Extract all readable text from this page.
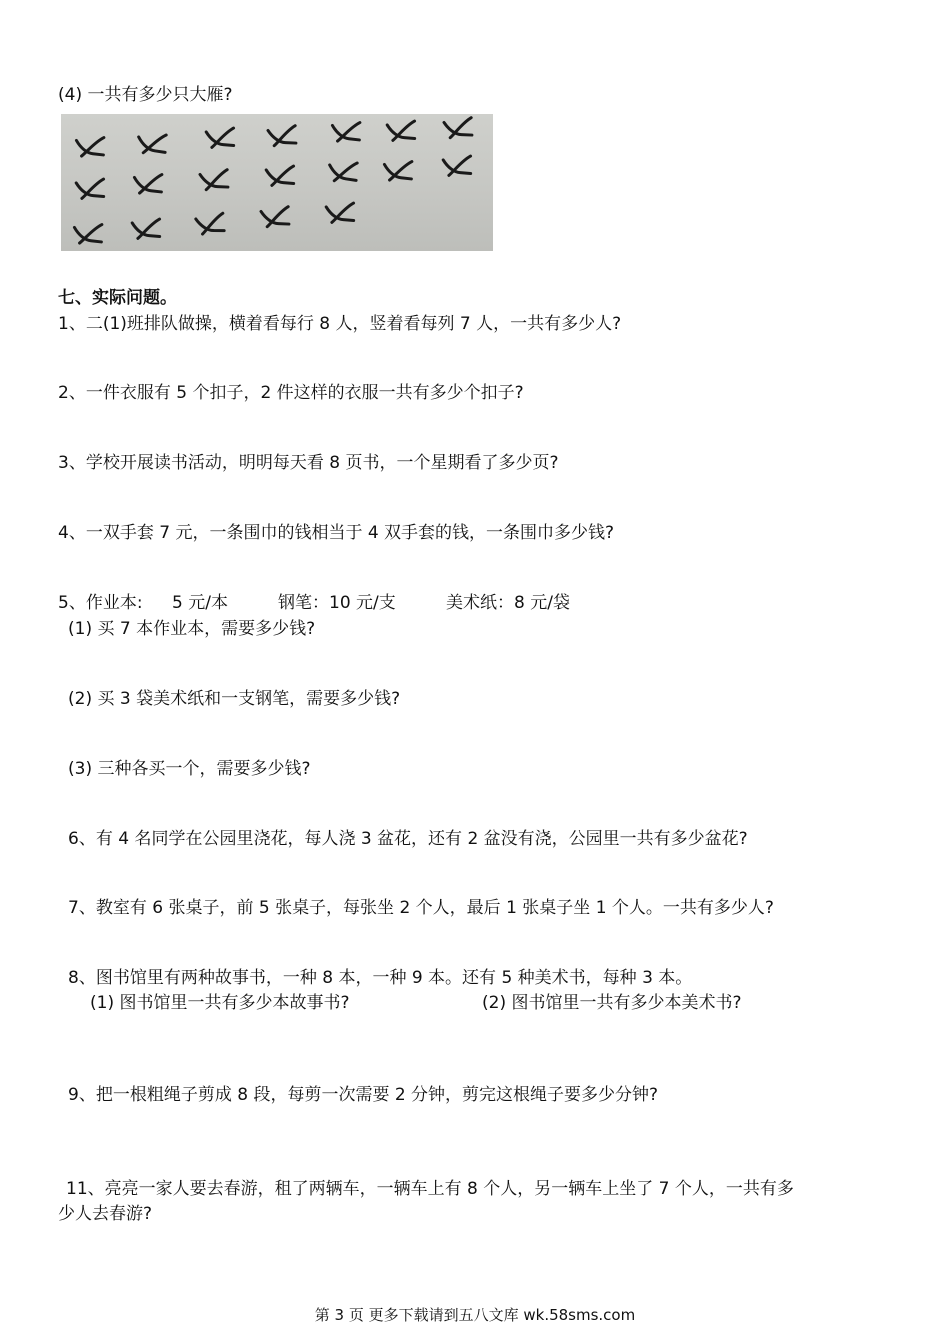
(4) 一共有多少只大雁?
七、实际问题。
1、二(1)班排队做操，横着看每行 8 人，竖着看每列 7 人，一共有多少人?
2、一件衣服有 5 个扣子，2 件这样的衣服一共有多少个扣子?
3、学校开展读书活动，明明每天看 8 页书，一个星期看了多少页?
4、一双手套 7 元，一条围巾的钱相当于 4 双手套的钱，一条围巾多少钱?
5、作业本: 5 元/本	钢笔：10 元/支	美术纸：8 元/袋
(1) 买 7 本作业本，需要多少钱?
(2) 买 3 袋美术纸和一支钢笔，需要多少钱?
(3) 三种各买一个，需要多少钱?
6、有 4 名同学在公园里浇花，每人浇 3 盆花，还有 2 盆没有浇，公园里一共有多少盆花?
7、教室有 6 张桌子，前 5 张桌子，每张坐 2 个人，最后 1 张桌子坐 1 个人。一共有多少人?
8、图书馆里有两种故事书，一种 8 本，一种 9 本。还有 5 种美术书，每种 3 本。
(1) 图书馆里一共有多少本故事书?	(2) 图书馆里一共有多少本美术书?
9、把一根粗绳子剪成 8 段，每剪一次需要 2 分钟，剪完这根绳子要多少分钟?
11、亮亮一家人要去春游，租了两辆车，一辆车上有 8 个人，另一辆车上坐了 7 个人，一共有多
少人去春游?
第 3 页 更多下载请到五八文库 wk.58sms.com
